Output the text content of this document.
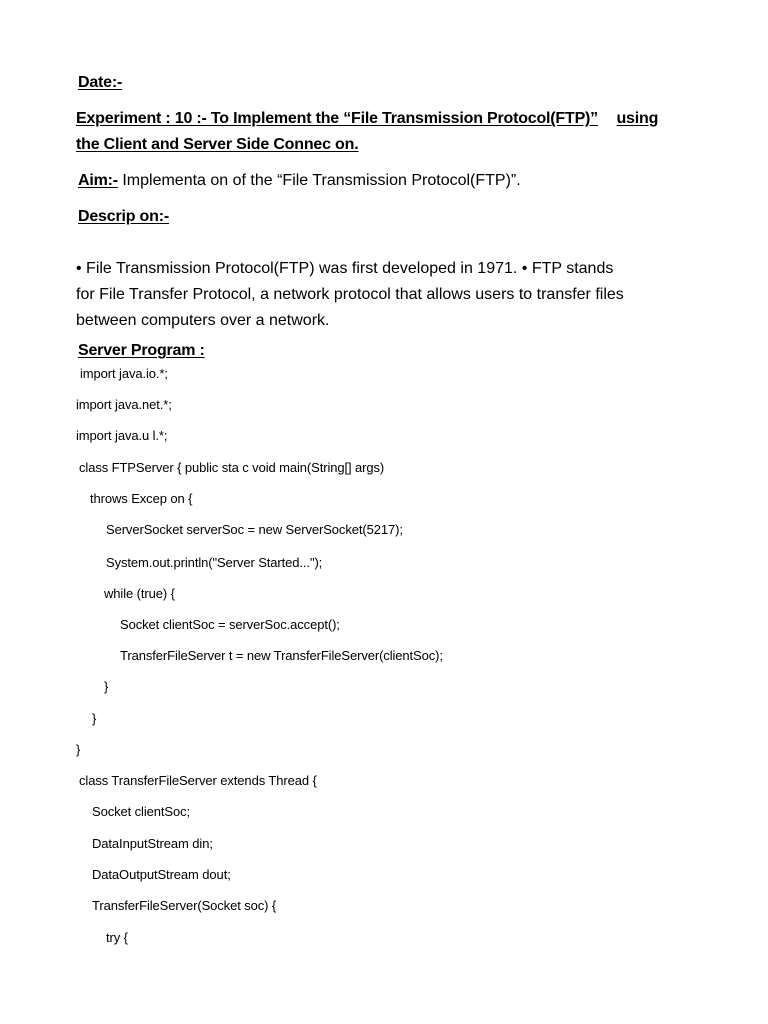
Date:-
Experiment : 10 :- To Implement the “File Transmission Protocol(FTP)” using
the Client and Server Side Connec on.
Aim:- Implementa on of the “File Transmission Protocol(FTP)”.
Descrip on:-
• File Transmission Protocol(FTP) was first developed in 1971. • FTP stands
for File Transfer Protocol, a network protocol that allows users to transfer files
between computers over a network.
Server Program :
import java.io.*;
import java.net.*;
import java.u l.*;
class FTPServer { public sta c void main(String[] args)
throws Excep on {
ServerSocket serverSoc = new ServerSocket(5217);
System.out.println("Server Started...");
while (true) {
Socket clientSoc = serverSoc.accept();
TransferFileServer t = new TransferFileServer(clientSoc);
}
}
}
class TransferFileServer extends Thread {
Socket clientSoc;
DataInputStream din;
DataOutputStream dout;
TransferFileServer(Socket soc) {
try {
